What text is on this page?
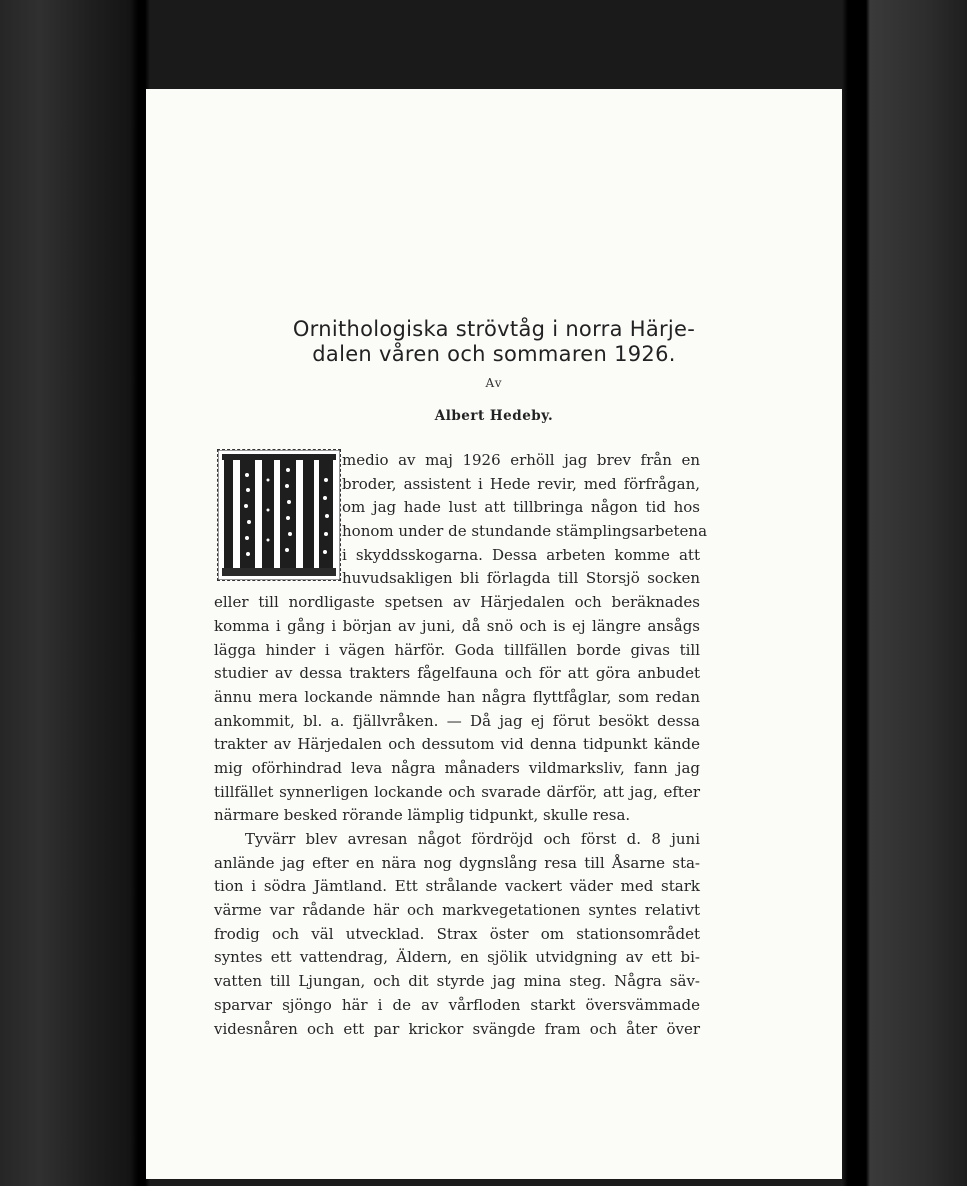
Ornithologiska strövtåg i norra Härje-
dalen våren och sommaren 1926.
Av
Albert Hedeby.
medio av maj 1926 erhöll jag brev från en
broder, assistent i Hede revir, med förfrågan,
om jag hade lust att tillbringa någon tid hos
honom under de stundande stämplingsarbetena
i skyddsskogarna. Dessa arbeten komme att
huvudsakligen bli förlagda till Storsjö socken
eller till nordligaste spetsen av Härjedalen och beräknades
komma i gång i början av juni, då snö och is ej längre ansågs
lägga hinder i vägen härför. Goda tillfällen borde givas till
studier av dessa trakters fågelfauna och för att göra anbudet
ännu mera lockande nämnde han några flyttfåglar, som redan
ankommit, bl. a. fjällvråken. — Då jag ej förut besökt dessa
trakter av Härjedalen och dessutom vid denna tidpunkt kände
mig oförhindrad leva några månaders vildmarksliv, fann jag
tillfället synnerligen lockande och svarade därför, att jag, efter
närmare besked rörande lämplig tidpunkt, skulle resa.
Tyvärr blev avresan något fördröjd och först d. 8 juni
anlände jag efter en nära nog dygnslång resa till Åsarne sta-
tion i södra Jämtland. Ett strålande vackert väder med stark
värme var rådande här och markvegetationen syntes relativt
frodig och väl utvecklad. Strax öster om stationsområdet
syntes ett vattendrag, Äldern, en sjölik utvidgning av ett bi-
vatten till Ljungan, och dit styrde jag mina steg. Några säv-
sparvar sjöngo här i de av vårfloden starkt översvämmade
videsnåren och ett par krickor svängde fram och åter över
